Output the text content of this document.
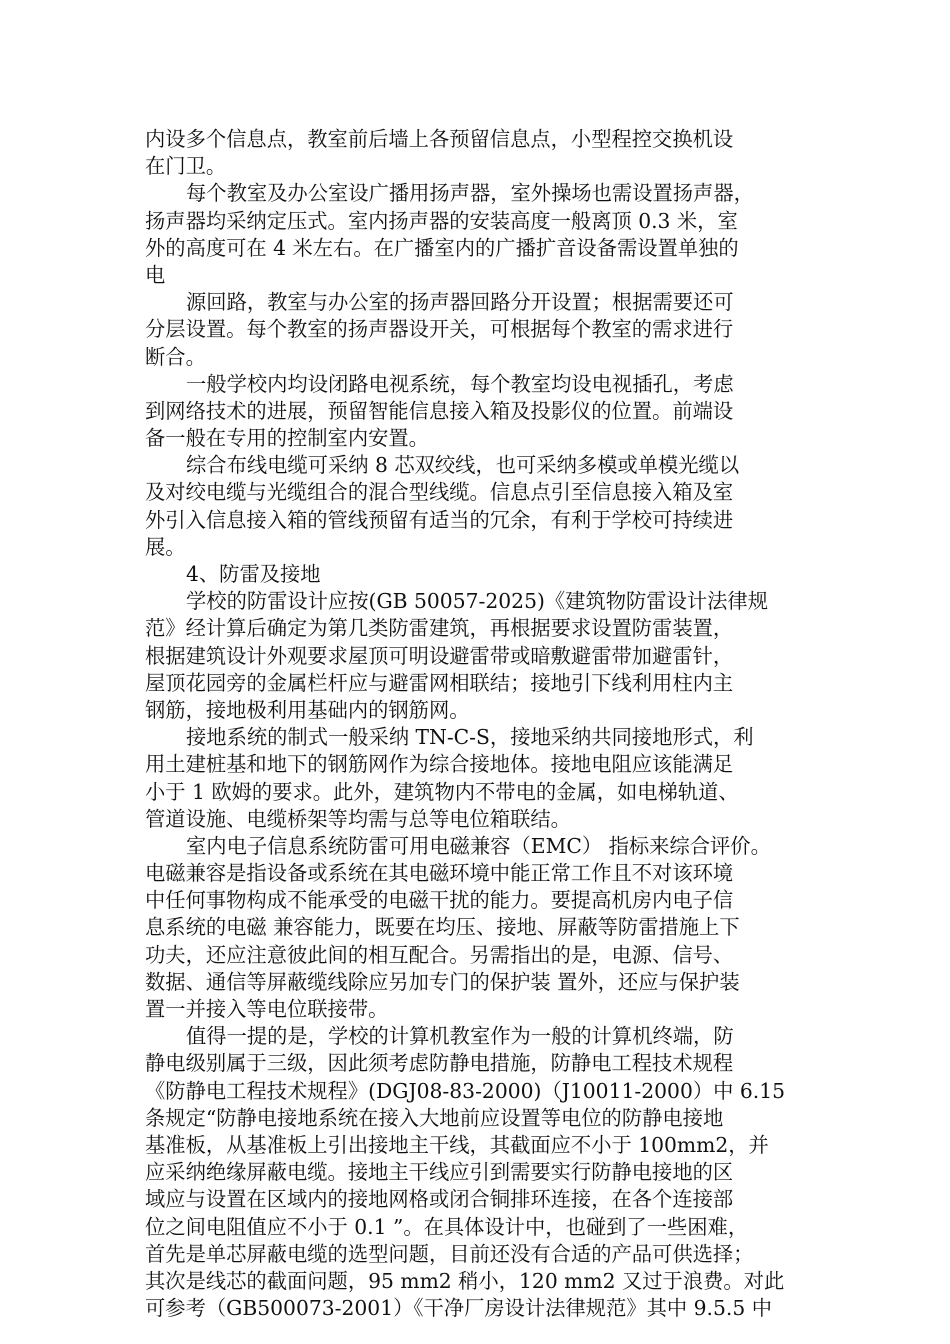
内设多个信息点，教室前后墙上各预留信息点，小型程控交换机设
在门卫。
每个教室及办公室设广播用扬声器，室外操场也需设置扬声器，
扬声器均采纳定压式。室内扬声器的安装高度一般离顶 0.3 米，室
外的高度可在 4 米左右。在广播室内的广播扩音设备需设置单独的
电
源回路，教室与办公室的扬声器回路分开设置；根据需要还可
分层设置。每个教室的扬声器设开关，可根据每个教室的需求进行
断合。
一般学校内均设闭路电视系统，每个教室均设电视插孔，考虑
到网络技术的进展，预留智能信息接入箱及投影仪的位置。前端设
备一般在专用的控制室内安置。
综合布线电缆可采纳 8 芯双绞线，也可采纳多模或单模光缆以
及对绞电缆与光缆组合的混合型线缆。信息点引至信息接入箱及室
外引入信息接入箱的管线预留有适当的冗余，有利于学校可持续进
展。
4、防雷及接地
学校的防雷设计应按(GB 50057-2025)《建筑物防雷设计法律规
范》经计算后确定为第几类防雷建筑，再根据要求设置防雷装置，
根据建筑设计外观要求屋顶可明设避雷带或暗敷避雷带加避雷针，
屋顶花园旁的金属栏杆应与避雷网相联结；接地引下线利用柱内主
钢筋，接地极利用基础内的钢筋网。
接地系统的制式一般采纳 TN-C-S，接地采纳共同接地形式，利
用土建桩基和地下的钢筋网作为综合接地体。接地电阻应该能满足
小于 1 欧姆的要求。此外，建筑物内不带电的金属，如电梯轨道、
管道设施、电缆桥架等均需与总等电位箱联结。
室内电子信息系统防雷可用电磁兼容（EMC） 指标来综合评价。
电磁兼容是指设备或系统在其电磁环境中能正常工作且不对该环境
中任何事物构成不能承受的电磁干扰的能力。要提高机房内电子信
息系统的电磁 兼容能力，既要在均压、接地、屏蔽等防雷措施上下
功夫，还应注意彼此间的相互配合。另需指出的是，电源、信号、
数据、通信等屏蔽缆线除应另加专门的保护装 置外，还应与保护装
置一并接入等电位联接带。
值得一提的是，学校的计算机教室作为一般的计算机终端，防
静电级别属于三级，因此须考虑防静电措施，防静电工程技术规程
《防静电工程技术规程》(DGJ08-83-2000)（J10011-2000）中 6.15
条规定“防静电接地系统在接入大地前应设置等电位的防静电接地
基准板，从基准板上引出接地主干线，其截面应不小于 100mm2，并
应采纳绝缘屏蔽电缆。接地主干线应引到需要实行防静电接地的区
域应与设置在区域内的接地网格或闭合铜排环连接，在各个连接部
位之间电阻值应不小于 0.1 ”。在具体设计中，也碰到了一些困难，
首先是单芯屏蔽电缆的选型问题，目前还没有合适的产品可供选择；
其次是线芯的截面问题，95 mm2 稍小，120 mm2 又过于浪费。对此
可参考（GB500073-2001）《干净厂房设计法律规范》其中 9.5.5 中
